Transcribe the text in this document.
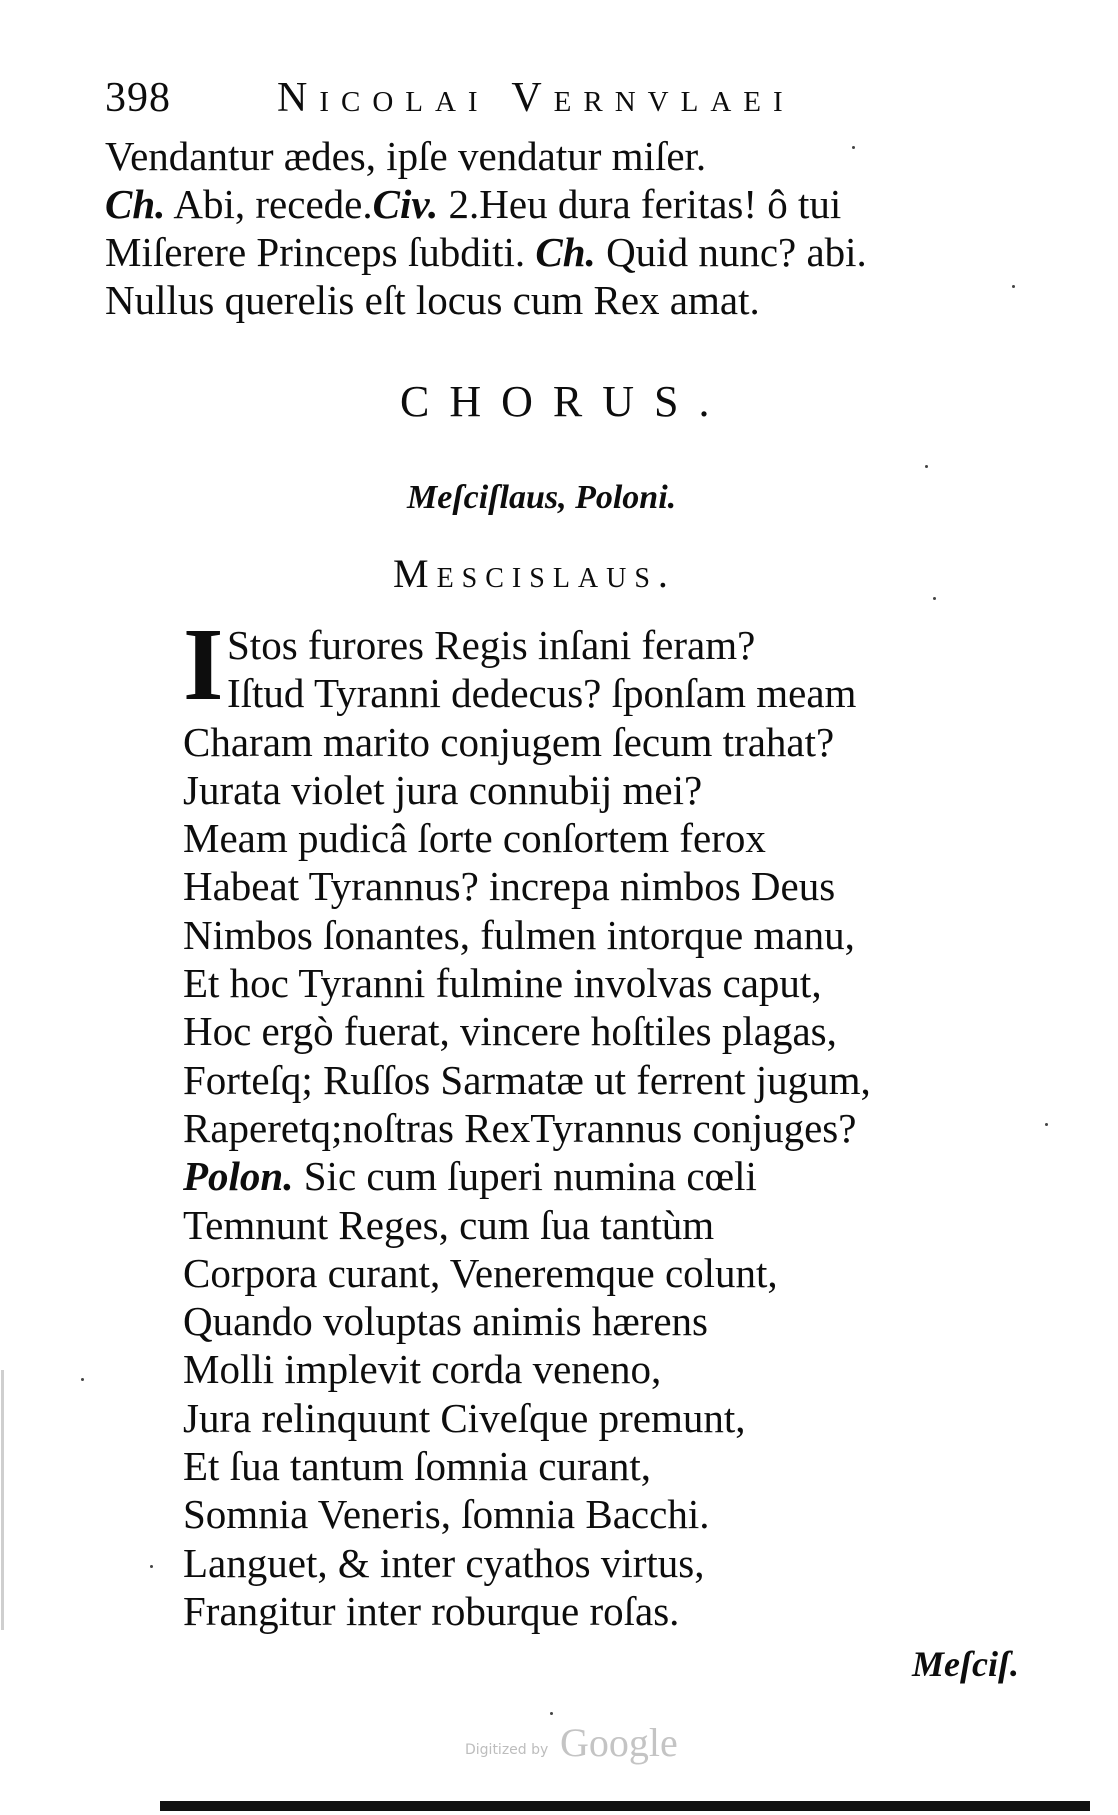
398	Nicolai Vernvlaei
Vendantur ædes, ipſe vendatur miſer.
Ch. Abi, recede.Civ. 2.Heu dura feritas! ô tui
Miſerere Princeps ſubditi. Ch. Quid nunc? abi.
Nullus querelis eſt locus cum Rex amat.
CHORUS.
Meſciſlaus, Poloni.
Mescislaus.
I Stos furores Regis inſani feram?
Iſtud Tyranni dedecus? ſponſam meam
Charam marito conjugem ſecum trahat?
Jurata violet jura connubij mei?
Meam pudicâ ſorte conſortem ferox
Habeat Tyrannus? increpa nimbos Deus
Nimbos ſonantes, fulmen intorque manu,
Et hoc Tyranni fulmine involvas caput,
Hoc ergò fuerat, vincere hoſtiles plagas,
Forteſq; Ruſſos Sarmatæ ut ferrent jugum,
Raperetq;noſtras RexTyrannus conjuges?
Polon. Sic cum ſuperi numina cœli
Temnunt Reges, cum ſua tantùm
Corpora curant, Veneremque colunt,
Quando voluptas animis hærens
Molli implevit corda veneno,
Jura relinquunt Civeſque premunt,
Et ſua tantum ſomnia curant,
Somnia Veneris, ſomnia Bacchi.
Languet, & inter cyathos virtus,
Frangitur inter roburque roſas.
Meſciſ.
Digitized by Google
